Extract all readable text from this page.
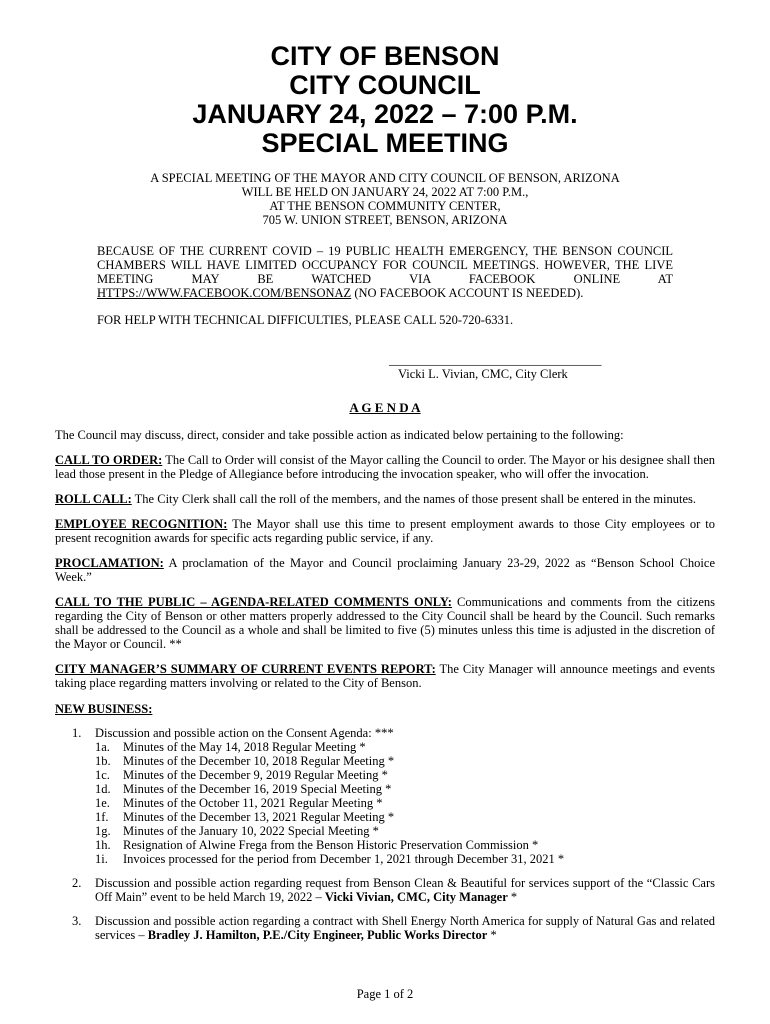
CITY OF BENSON
CITY COUNCIL
JANUARY 24, 2022 – 7:00 P.M.
SPECIAL MEETING

A SPECIAL MEETING OF THE MAYOR AND CITY COUNCIL OF BENSON, ARIZONA
WILL BE HELD ON JANUARY 24, 2022 AT 7:00 P.M.,
AT THE BENSON COMMUNITY CENTER,
705 W. UNION STREET, BENSON, ARIZONA

BECAUSE OF THE CURRENT COVID – 19 PUBLIC HEALTH EMERGENCY, THE BENSON COUNCIL CHAMBERS WILL HAVE LIMITED OCCUPANCY FOR COUNCIL MEETINGS. HOWEVER, THE LIVE MEETING MAY BE WATCHED VIA FACEBOOK ONLINE AT HTTPS://WWW.FACEBOOK.COM/BENSONAZ (NO FACEBOOK ACCOUNT IS NEEDED).

FOR HELP WITH TECHNICAL DIFFICULTIES, PLEASE CALL 520-720-6331.

__________________________________
Vicki L. Vivian, CMC, City Clerk
A G E N D A

The Council may discuss, direct, consider and take possible action as indicated below pertaining to the following:

CALL TO ORDER: The Call to Order will consist of the Mayor calling the Council to order. The Mayor or his designee shall then lead those present in the Pledge of Allegiance before introducing the invocation speaker, who will offer the invocation.

ROLL CALL: The City Clerk shall call the roll of the members, and the names of those present shall be entered in the minutes.

EMPLOYEE RECOGNITION: The Mayor shall use this time to present employment awards to those City employees or to present recognition awards for specific acts regarding public service, if any.

PROCLAMATION: A proclamation of the Mayor and Council proclaiming January 23-29, 2022 as “Benson School Choice Week.”

CALL TO THE PUBLIC – AGENDA-RELATED COMMENTS ONLY: Communications and comments from the citizens regarding the City of Benson or other matters properly addressed to the City Council shall be heard by the Council. Such remarks shall be addressed to the Council as a whole and shall be limited to five (5) minutes unless this time is adjusted in the discretion of the Mayor or Council. **

CITY MANAGER’S SUMMARY OF CURRENT EVENTS REPORT: The City Manager will announce meetings and events taking place regarding matters involving or related to the City of Benson.

NEW BUSINESS:

1.	Discussion and possible action on the Consent Agenda: ***
1a.	Minutes of the May 14, 2018 Regular Meeting *
1b. Minutes of the December 10, 2018 Regular Meeting *
1c.	Minutes of the December 9, 2019 Regular Meeting *
1d. Minutes of the December 16, 2019 Special Meeting *
1e.	Minutes of the October 11, 2021 Regular Meeting *
1f.	Minutes of the December 13, 2021 Regular Meeting *
1g. Minutes of the January 10, 2022 Special Meeting *
1h. Resignation of Alwine Frega from the Benson Historic Preservation Commission *
1i.	Invoices processed for the period from December 1, 2021 through December 31, 2021 *
2.	Discussion and possible action regarding request from Benson Clean & Beautiful for services support of the “Classic Cars Off Main” event to be held March 19, 2022 – Vicki Vivian, CMC, City Manager *
3.	Discussion and possible action regarding a contract with Shell Energy North America for supply of Natural Gas and related services – Bradley J. Hamilton, P.E./City Engineer, Public Works Director *
Page 1 of 2
